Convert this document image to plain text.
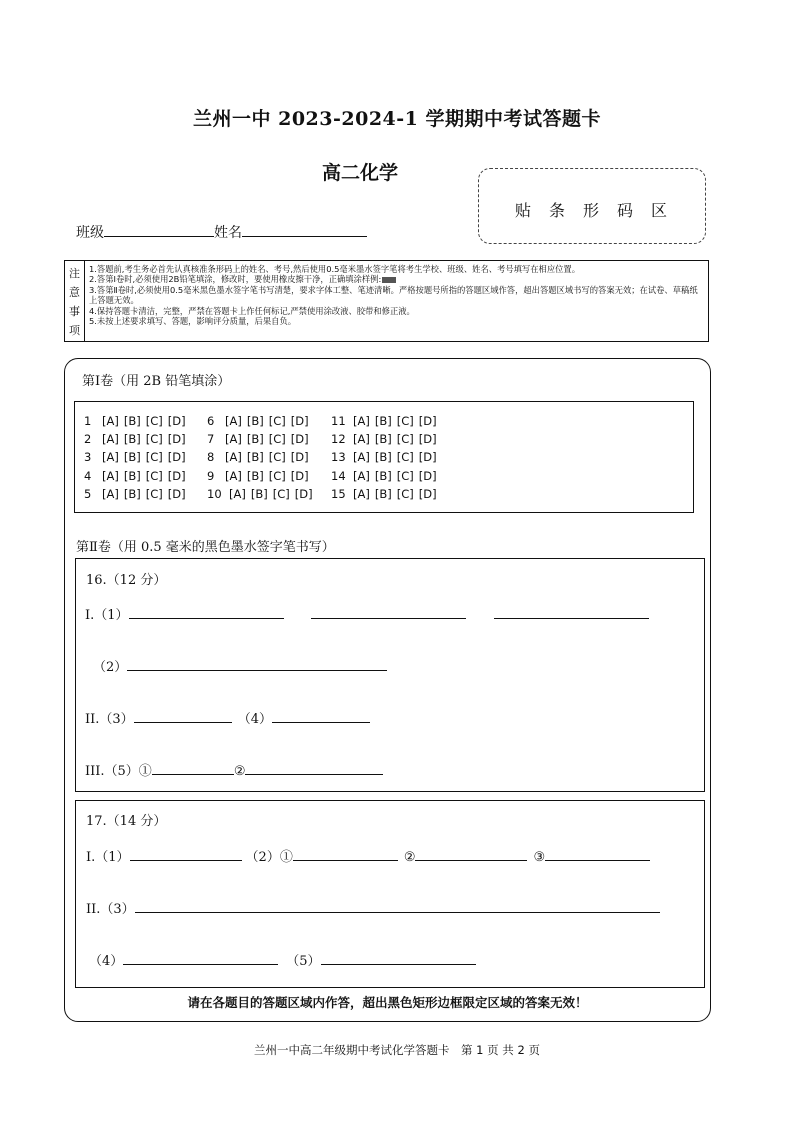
兰州一中 2023-2024-1 学期期中考试答题卡
高二化学
贴条形码区
班级	姓名
注
意
事
项
1.答题前,考生务必首先认真核准条形码上的姓名、考号,然后使用0.5毫米墨水签字笔将考生学校、班级、姓名、考号填写在相应位置。
2.答第Ⅰ卷时,必须使用2B铅笔填涂，修改时，要使用橡皮擦干净，正确填涂样例:
3.答第Ⅱ卷时,必须使用0.5毫米黑色墨水签字笔书写清楚，要求字体工整、笔迹清晰。严格按题号所指的答题区域作答，超出答题区域书写的答案无效；在试卷、草稿纸上答题无效。
4.保持答题卡清洁，完整，严禁在答题卡上作任何标记,严禁使用涂改液、胶带和修正液。
5.未按上述要求填写、答题，影响评分质量，后果自负。
第Ⅰ卷（用 2B 铅笔填涂）
1 [A] [B] [C] [D]
2 [A] [B] [C] [D]
3 [A] [B] [C] [D]
4 [A] [B] [C] [D]
5 [A] [B] [C] [D]
6 [A] [B] [C] [D]
7 [A] [B] [C] [D]
8 [A] [B] [C] [D]
9 [A] [B] [C] [D]
10 [A] [B] [C] [D]
11 [A] [B] [C] [D]
12 [A] [B] [C] [D]
13 [A] [B] [C] [D]
14 [A] [B] [C] [D]
15 [A] [B] [C] [D]
第Ⅱ卷（用 0.5 毫米的黑色墨水签字笔书写）
16.（12 分）
I.（1）
（2）
II.（3）	（4）
III.（5）①	②
17.（14 分）
I.（1）	（2）①	②	③
II.（3）
（4）	（5）
请在各题目的答题区域内作答，超出黑色矩形边框限定区域的答案无效！
兰州一中高二年级期中考试化学答题卡　第 1 页 共 2 页
